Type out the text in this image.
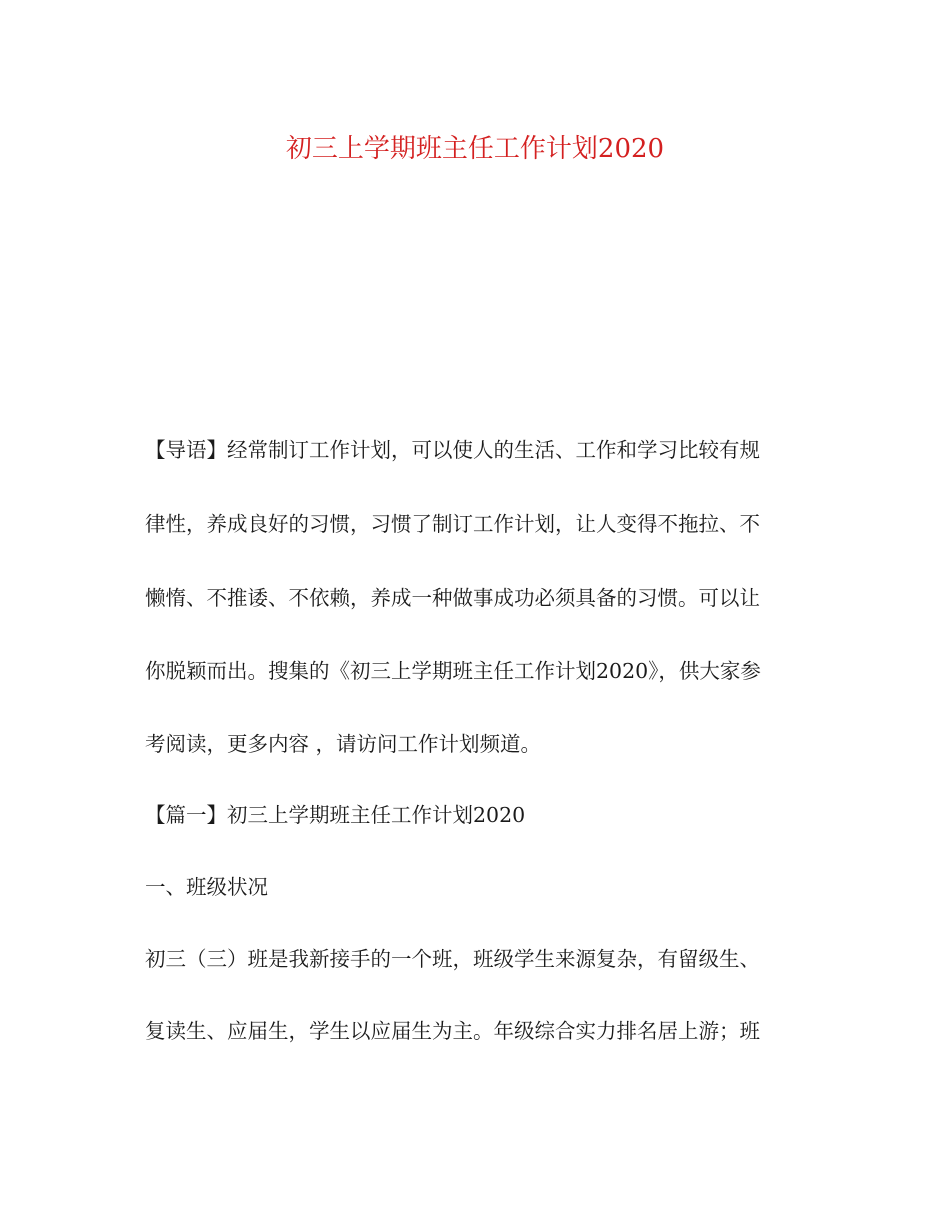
初三上学期班主任工作计划2020

【导语】经常制订工作计划，可以使人的生活、工作和学习比较有规

律性，养成良好的习惯，习惯了制订工作计划，让人变得不拖拉、不

懒惰、不推诿、不依赖，养成一种做事成功必须具备的习惯。可以让

你脱颖而出。搜集的《初三上学期班主任工作计划2020》，供大家参

考阅读，更多内容 ，请访问工作计划频道。

【篇一】初三上学期班主任工作计划2020

一、班级状况

初三（三）班是我新接手的一个班，班级学生来源复杂，有留级生、

复读生、应届生，学生以应届生为主。年级综合实力排名居上游；班
